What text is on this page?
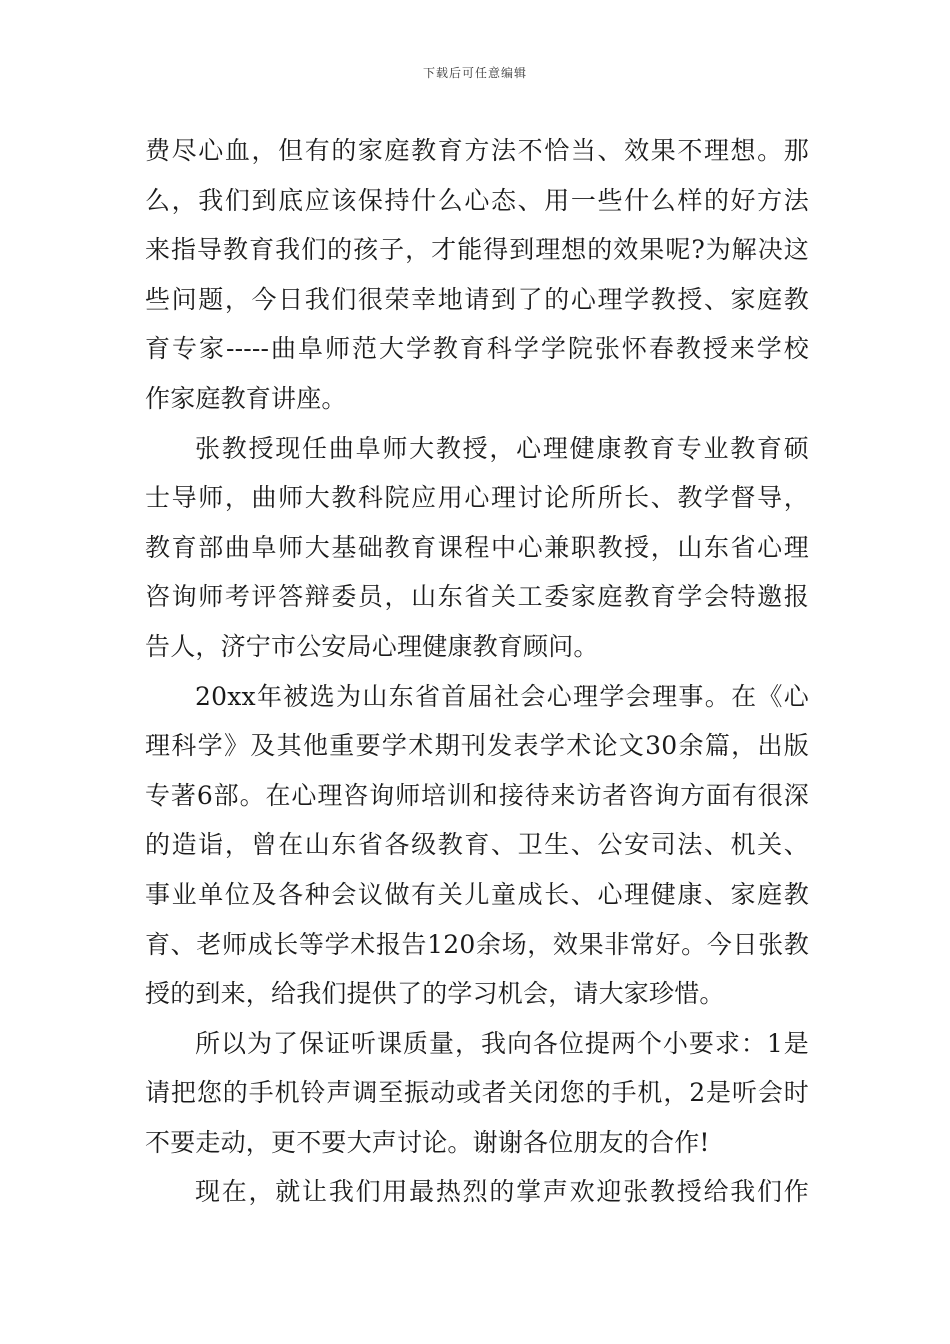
下载后可任意编辑
费尽心血，但有的家庭教育方法不恰当、效果不理想。那
么，我们到底应该保持什么心态、用一些什么样的好方法
来指导教育我们的孩子，才能得到理想的效果呢?为解决这
些问题，今日我们很荣幸地请到了的心理学教授、家庭教
育专家-----曲阜师范大学教育科学学院张怀春教授来学校
作家庭教育讲座。
张教授现任曲阜师大教授，心理健康教育专业教育硕
士导师，曲师大教科院应用心理讨论所所长、教学督导，
教育部曲阜师大基础教育课程中心兼职教授，山东省心理
咨询师考评答辩委员，山东省关工委家庭教育学会特邀报
告人，济宁市公安局心理健康教育顾问。
20xx年被选为山东省首届社会心理学会理事。在《心
理科学》及其他重要学术期刊发表学术论文30余篇，出版
专著6部。在心理咨询师培训和接待来访者咨询方面有很深
的造诣，曾在山东省各级教育、卫生、公安司法、机关、
事业单位及各种会议做有关儿童成长、心理健康、家庭教
育、老师成长等学术报告120余场，效果非常好。今日张教
授的到来，给我们提供了的学习机会，请大家珍惜。
所以为了保证听课质量，我向各位提两个小要求：1是
请把您的手机铃声调至振动或者关闭您的手机，2是听会时
不要走动，更不要大声讨论。谢谢各位朋友的合作!
现在，就让我们用最热烈的掌声欢迎张教授给我们作
